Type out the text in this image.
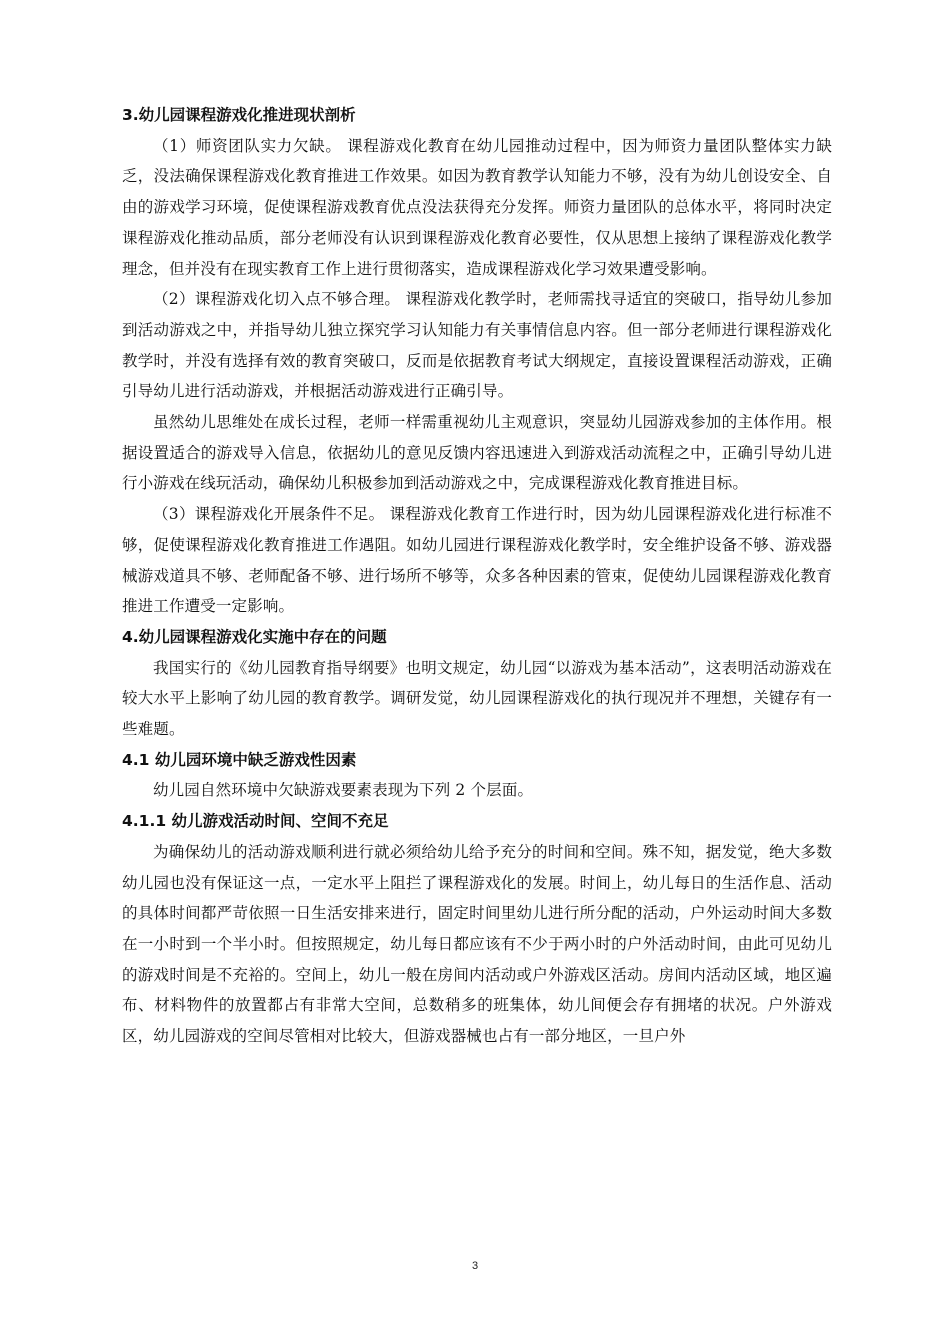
3.幼儿园课程游戏化推进现状剖析

（1）师资团队实力欠缺。 课程游戏化教育在幼儿园推动过程中，因为师资力量团队整体实力缺乏，没法确保课程游戏化教育推进工作效果。如因为教育教学认知能力不够，没有为幼儿创设安全、自由的游戏学习环境，促使课程游戏教育优点没法获得充分发挥。师资力量团队的总体水平，将同时决定课程游戏化推动品质，部分老师没有认识到课程游戏化教育必要性，仅从思想上接纳了课程游戏化教学理念，但并没有在现实教育工作上进行贯彻落实，造成课程游戏化学习效果遭受影响。

（2）课程游戏化切入点不够合理。 课程游戏化教学时，老师需找寻适宜的突破口，指导幼儿参加到活动游戏之中，并指导幼儿独立探究学习认知能力有关事情信息内容。但一部分老师进行课程游戏化教学时，并没有选择有效的教育突破口，反而是依据教育考试大纲规定，直接设置课程活动游戏，正确引导幼儿进行活动游戏，并根据活动游戏进行正确引导。

虽然幼儿思维处在成长过程，老师一样需重视幼儿主观意识，突显幼儿园游戏参加的主体作用。根据设置适合的游戏导入信息，依据幼儿的意见反馈内容迅速进入到游戏活动流程之中，正确引导幼儿进行小游戏在线玩活动，确保幼儿积极参加到活动游戏之中，完成课程游戏化教育推进目标。

（3）课程游戏化开展条件不足。 课程游戏化教育工作进行时，因为幼儿园课程游戏化进行标准不够，促使课程游戏化教育推进工作遇阻。如幼儿园进行课程游戏化教学时，安全维护设备不够、游戏器械游戏道具不够、老师配备不够、进行场所不够等，众多各种因素的管束，促使幼儿园课程游戏化教育推进工作遭受一定影响。

4.幼儿园课程游戏化实施中存在的问题

我国实行的《幼儿园教育指导纲要》也明文规定，幼儿园“以游戏为基本活动”，这表明活动游戏在较大水平上影响了幼儿园的教育教学。调研发觉，幼儿园课程游戏化的执行现况并不理想，关键存有一些难题。

4.1 幼儿园环境中缺乏游戏性因素

幼儿园自然环境中欠缺游戏要素表现为下列 2 个层面。

4.1.1 幼儿游戏活动时间、空间不充足

为确保幼儿的活动游戏顺利进行就必须给幼儿给予充分的时间和空间。殊不知，据发觉，绝大多数幼儿园也没有保证这一点，一定水平上阻拦了课程游戏化的发展。时间上，幼儿每日的生活作息、活动的具体时间都严苛依照一日生活安排来进行，固定时间里幼儿进行所分配的活动，户外运动时间大多数在一小时到一个半小时。但按照规定，幼儿每日都应该有不少于两小时的户外活动时间，由此可见幼儿的游戏时间是不充裕的。空间上，幼儿一般在房间内活动或户外游戏区活动。房间内活动区域，地区遍布、材料物件的放置都占有非常大空间，总数稍多的班集体，幼儿间便会存有拥堵的状况。户外游戏区，幼儿园游戏的空间尽管相对比较大，但游戏器械也占有一部分地区，一旦户外

3
